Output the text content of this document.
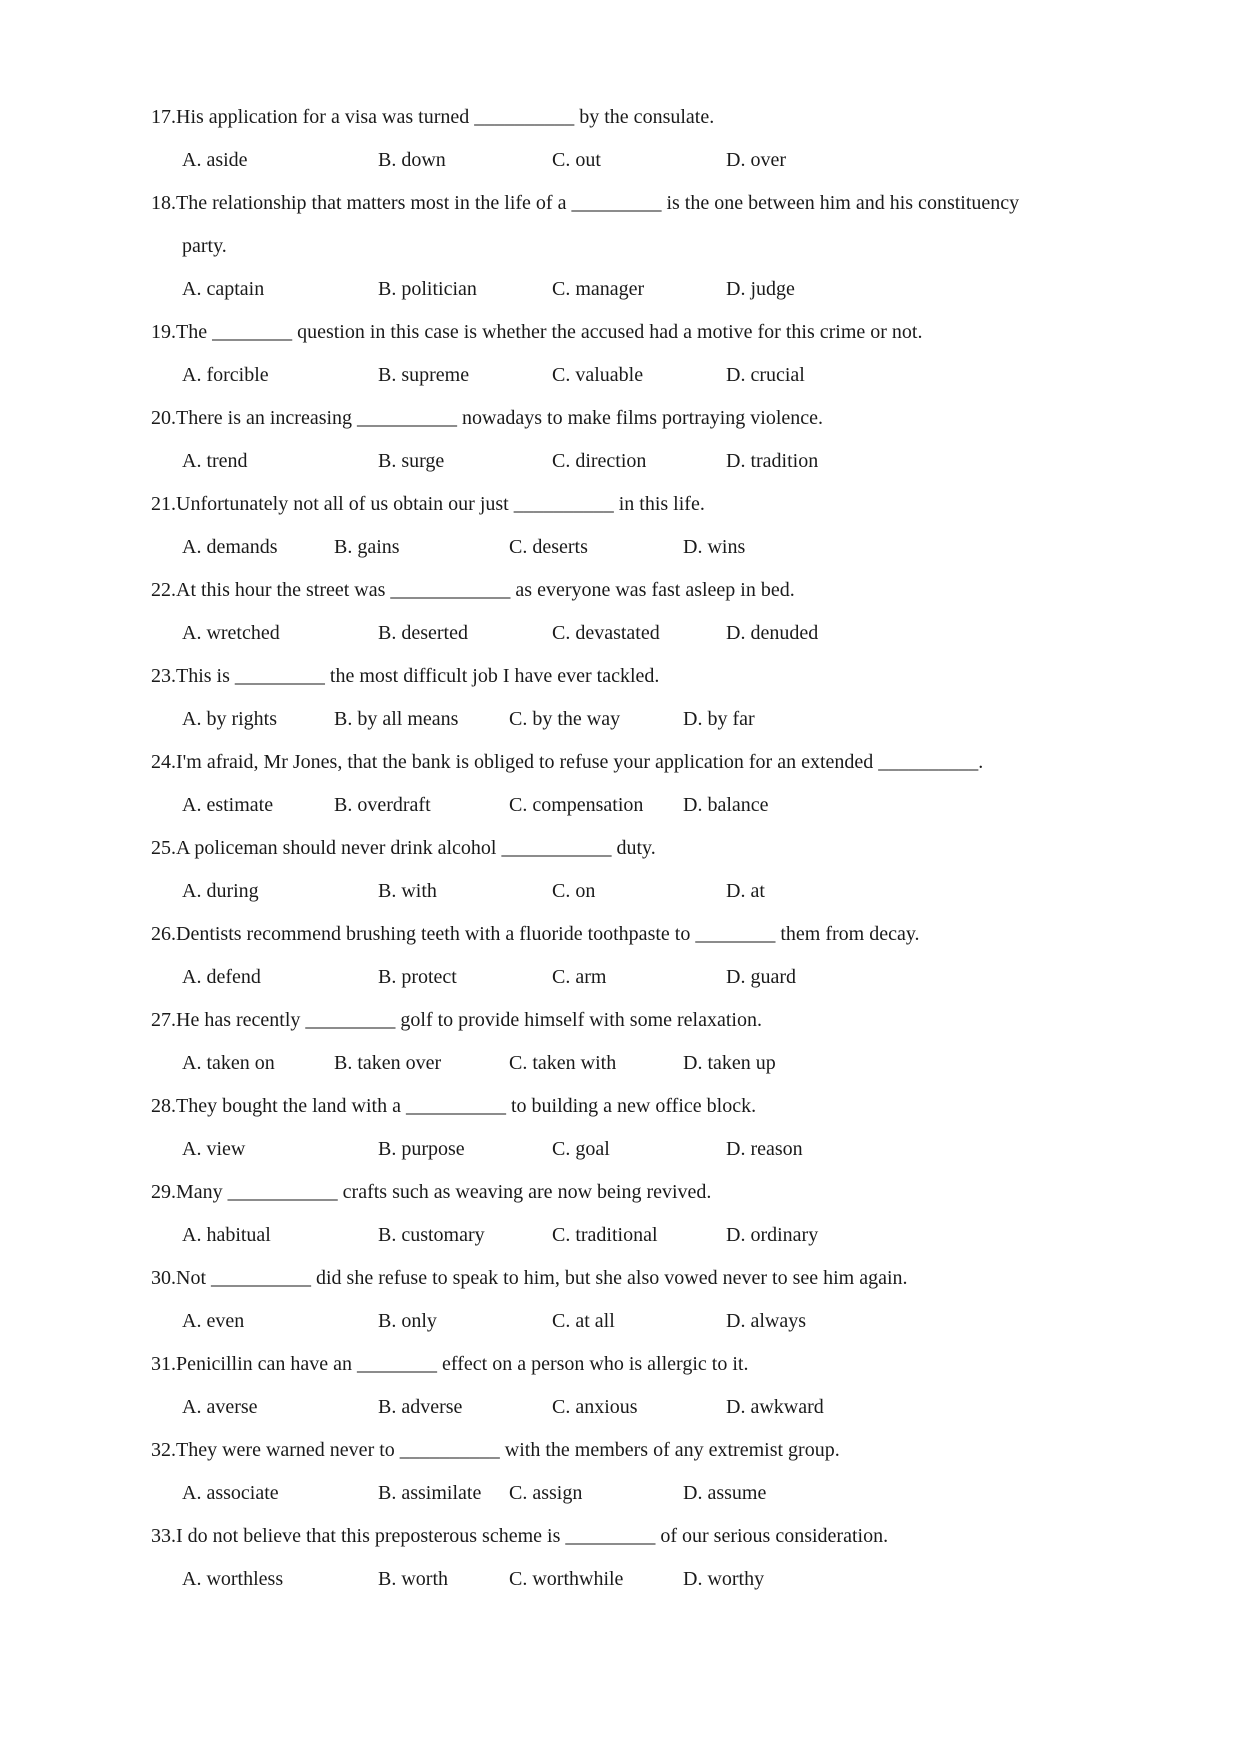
17.His application for a visa was turned __________ by the consulate.
A. aside	B. down	C. out	D. over
18.The relationship that matters most in the life of a _________ is the one between him and his constituency
party.
A. captain	B. politician	C. manager	D. judge
19.The ________ question in this case is whether the accused had a motive for this crime or not.
A. forcible	B. supreme	C. valuable	D. crucial
20.There is an increasing __________ nowadays to make films portraying violence.
A. trend	B. surge	C. direction	D. tradition
21.Unfortunately not all of us obtain our just __________ in this life.
A. demands	B. gains	C. deserts	D. wins
22.At this hour the street was ____________ as everyone was fast asleep in bed.
A. wretched	B. deserted	C. devastated	D. denuded
23.This is _________ the most difficult job I have ever tackled.
A. by rights	B. by all means	C. by the way	D. by far
24.I'm afraid, Mr Jones, that the bank is obliged to refuse your application for an extended __________.
A. estimate	B. overdraft	C. compensation D. balance
25.A policeman should never drink alcohol ___________ duty.
A. during	B. with	C. on	D. at
26.Dentists recommend brushing teeth with a fluoride toothpaste to ________ them from decay.
A. defend	B. protect	C. arm	D. guard
27.He has recently _________ golf to provide himself with some relaxation.
A. taken on	B. taken over	C. taken with	D. taken up
28.They bought the land with a __________ to building a new office block.
A. view	B. purpose	C. goal	D. reason
29.Many ___________ crafts such as weaving are now being revived.
A. habitual	B. customary	C. traditional	D. ordinary
30.Not __________ did she refuse to speak to him, but she also vowed never to see him again.
A. even	B. only	C. at all	D. always
31.Penicillin can have an ________ effect on a person who is allergic to it.
A. averse	B. adverse	C. anxious	D. awkward
32.They were warned never to __________ with the members of any extremist group.
A. associate	B. assimilate C. assign	D. assume
33.I do not believe that this preposterous scheme is _________ of our serious consideration.
A. worthless	B. worth	C. worthwhile	D. worthy
